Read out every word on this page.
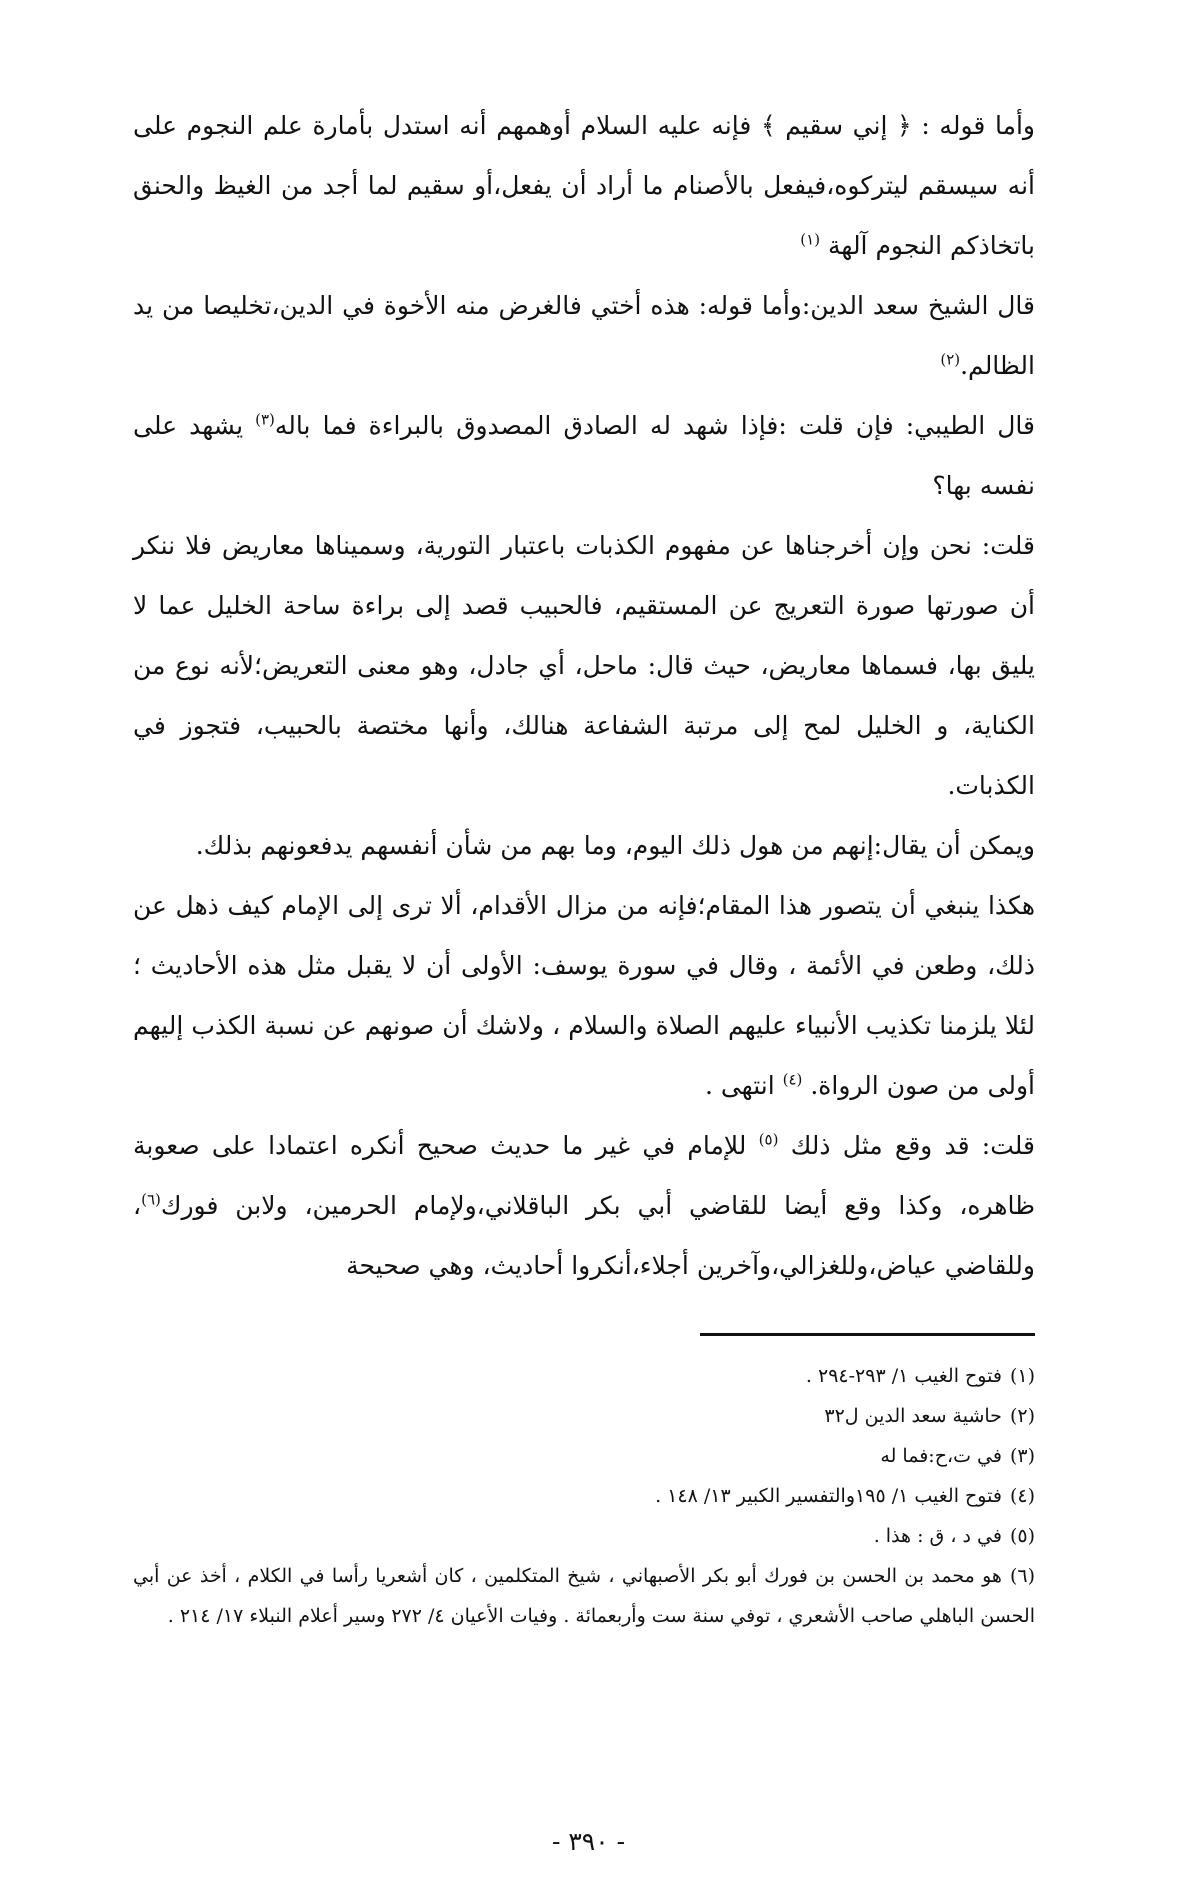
وأما قوله : ﴿ إني سقيم ﴾ فإنه عليه السلام أوهمهم أنه استدل بأمارة علم النجوم على أنه سيسقم ليتركوه،فيفعل بالأصنام ما أراد أن يفعل،أو سقيم لما أجد من الغيظ والحنق باتخاذكم النجوم آلهة $^{(١)}$

قال الشيخ سعد الدين:وأما قوله: هذه أختي فالغرض منه الأخوة في الدين،تخليصا من يد الظالم.$^{(٢)}$

قال الطيبي: فإن قلت :فإذا شهد له الصادق المصدوق بالبراءة فما باله$^{(٣)}$ يشهد على نفسه بها؟

قلت: نحن وإن أخرجناها عن مفهوم الكذبات باعتبار التورية، وسميناها معاريض فلا ننكر أن صورتها صورة التعريج عن المستقيم، فالحبيب قصد إلى براءة ساحة الخليل عما لا يليق بها، فسماها معاريض، حيث قال: ماحل، أي جادل، وهو معنى التعريض؛لأنه نوع من الكناية، و الخليل لمح إلى مرتبة الشفاعة هنالك، وأنها مختصة بالحبيب، فتجوز في الكذبات.

ويمكن أن يقال:إنهم من هول ذلك اليوم، وما بهم من شأن أنفسهم يدفعونهم بذلك.

هكذا ينبغي أن يتصور هذا المقام؛فإنه من مزال الأقدام، ألا ترى إلى الإمام كيف ذهل عن ذلك، وطعن في الأئمة ، وقال في سورة يوسف: الأولى أن لا يقبل مثل هذه الأحاديث ؛لئلا يلزمنا تكذيب الأنبياء عليهم الصلاة والسلام ، ولاشك أن صونهم عن نسبة الكذب إليهم أولى من صون الرواة. $^{(٤)}$ انتهى .

قلت: قد وقع مثل ذلك $^{(٥)}$ للإمام في غير ما حديث صحيح أنكره اعتمادا على صعوبة ظاهره، وكذا وقع أيضا للقاضي أبي بكر الباقلاني،ولإمام الحرمين، ولابن فورك$^{(٦)}$، وللقاضي عياض،وللغزالي،وآخرين أجلاء،أنكروا أحاديث، وهي صحيحة

(١)فتوح الغيب ١/ ٢٩٣-٢٩٤ .

(٢)حاشية سعد الدين ل٣٢

(٣)في ت،ح:فما له

(٤)فتوح الغيب ١/ ١٩٥والتفسير الكبير ١٣/ ١٤٨ .

(٥)في د ، ق : هذا .

(٦)هو محمد بن الحسن بن فورك أبو بكر الأصبهاني ، شيخ المتكلمين ، كان أشعريا رأسا في الكلام ، أخذ عن أبي الحسن الباهلي صاحب الأشعري ، توفي سنة ست وأربعمائة . وفيات الأعيان ٤/ ٢٧٢ وسير أعلام النبلاء ١٧/ ٢١٤ .

- ٣٩٠ -
